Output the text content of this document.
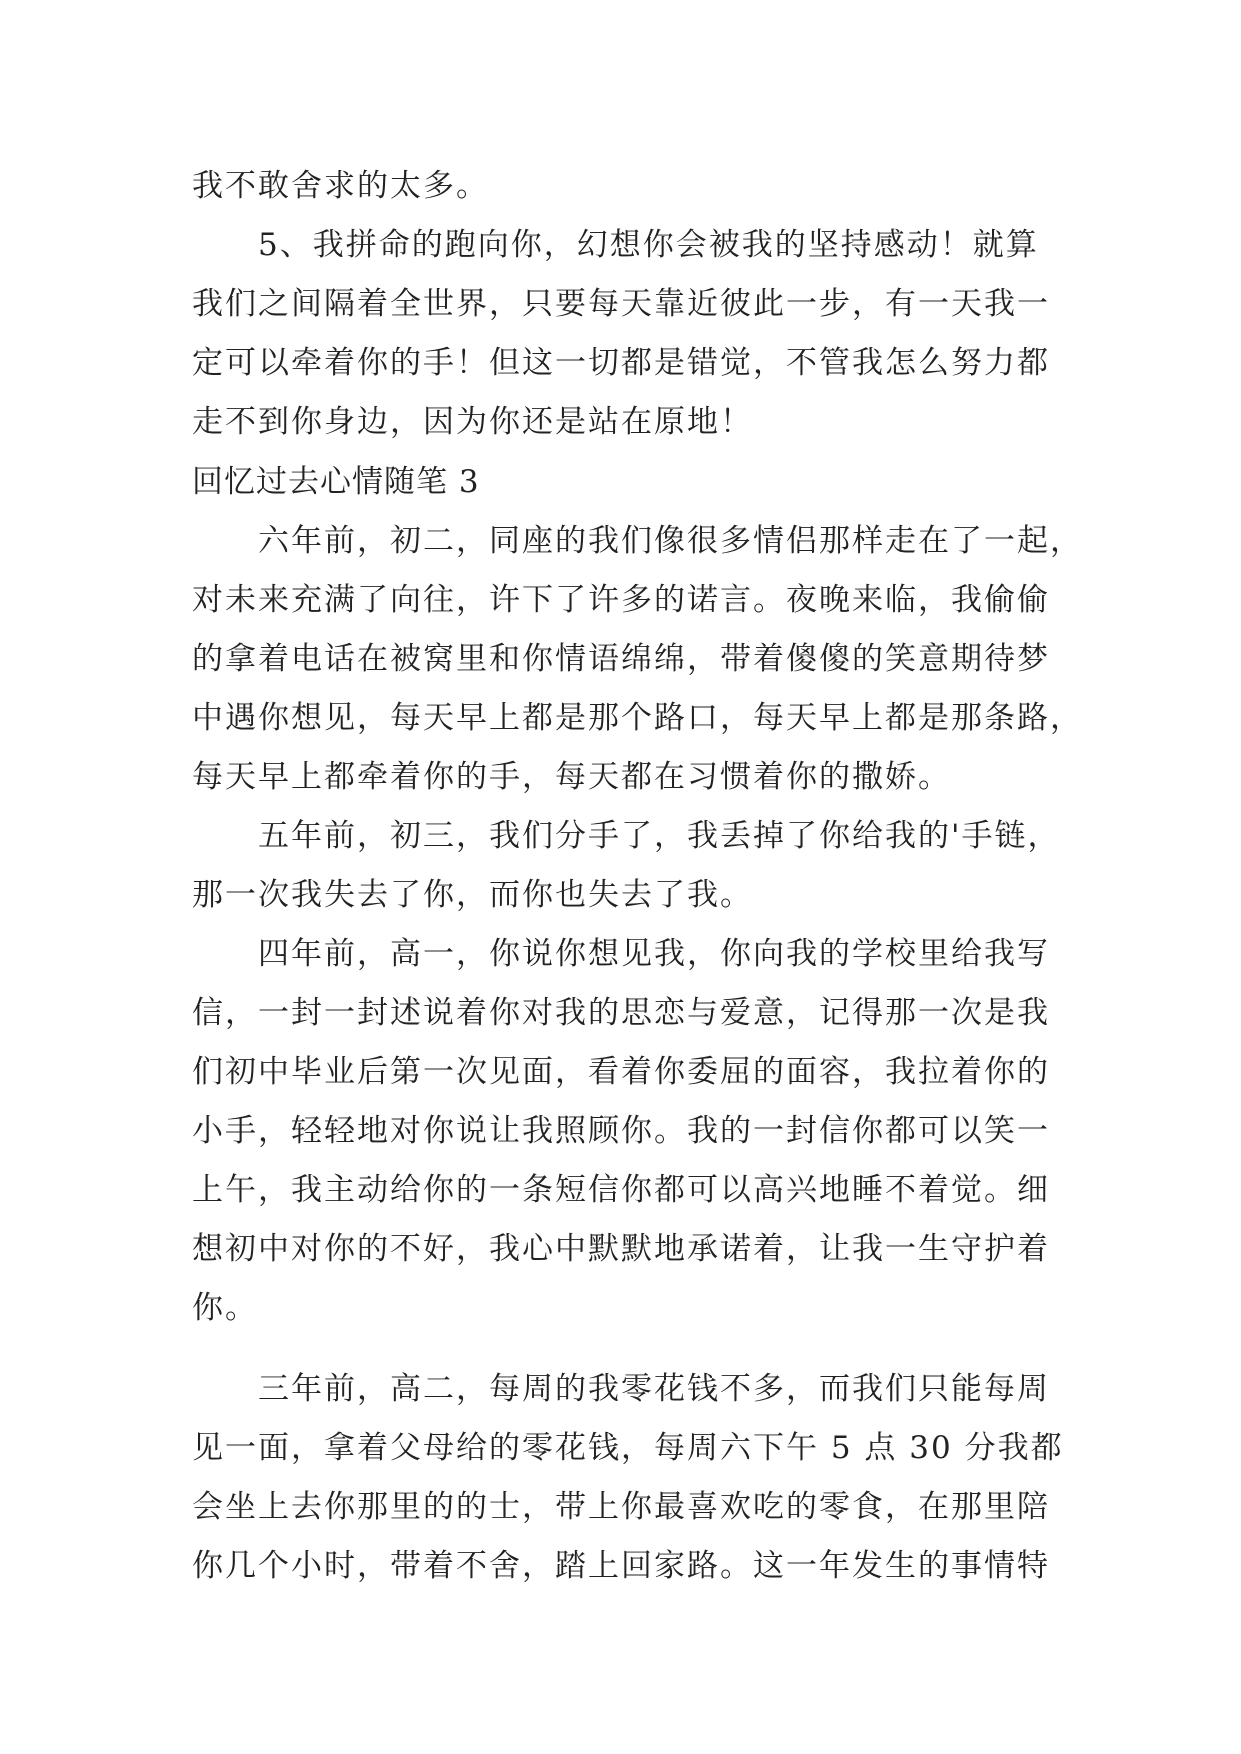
我不敢舍求的太多。
5、我拼命的跑向你，幻想你会被我的坚持感动！就算
我们之间隔着全世界，只要每天靠近彼此一步，有一天我一
定可以牵着你的手！但这一切都是错觉，不管我怎么努力都
走不到你身边，因为你还是站在原地！
回忆过去心情随笔 3
六年前，初二，同座的我们像很多情侣那样走在了一起，
对未来充满了向往，许下了许多的诺言。夜晚来临，我偷偷
的拿着电话在被窝里和你情语绵绵，带着傻傻的笑意期待梦
中遇你想见，每天早上都是那个路口，每天早上都是那条路，
每天早上都牵着你的手，每天都在习惯着你的撒娇。
五年前，初三，我们分手了，我丢掉了你给我的'手链，
那一次我失去了你，而你也失去了我。
四年前，高一，你说你想见我，你向我的学校里给我写
信，一封一封述说着你对我的思恋与爱意，记得那一次是我
们初中毕业后第一次见面，看着你委屈的面容，我拉着你的
小手，轻轻地对你说让我照顾你。我的一封信你都可以笑一
上午，我主动给你的一条短信你都可以高兴地睡不着觉。细
想初中对你的不好，我心中默默地承诺着，让我一生守护着
你。
三年前，高二，每周的我零花钱不多，而我们只能每周
见一面，拿着父母给的零花钱，每周六下午 5 点 30 分我都
会坐上去你那里的的士，带上你最喜欢吃的零食，在那里陪
你几个小时，带着不舍，踏上回家路。这一年发生的事情特
